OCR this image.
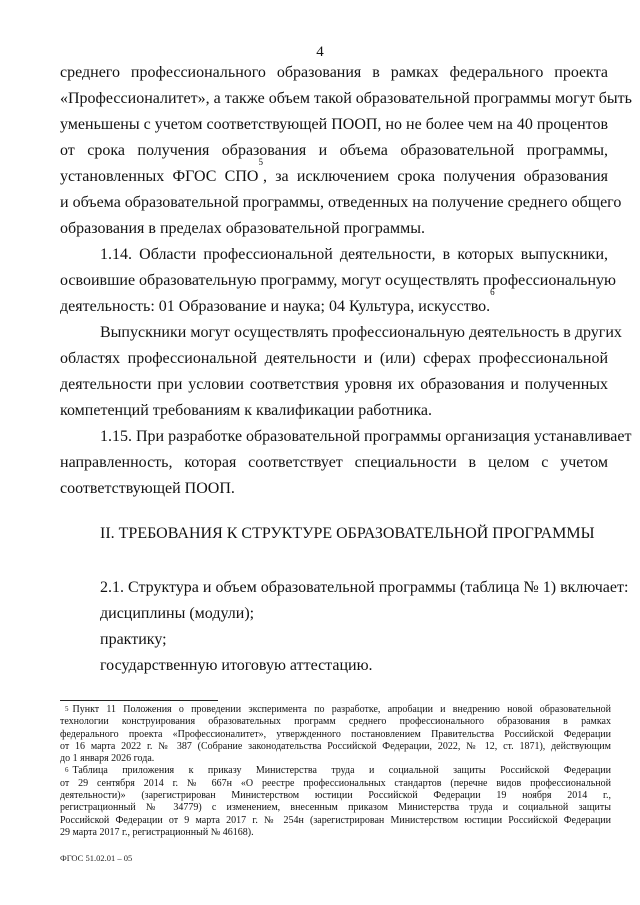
4
среднего профессионального образования в рамках федерального проекта
«Профессионалитет», а также объем такой образовательной программы могут быть
уменьшены с учетом соответствующей ПООП, но не более чем на 40 процентов
от срока получения образования и объема образовательной программы,
установленных ФГОС СПО$^5$, за исключением срока получения образования
и объема образовательной программы, отведенных на получение среднего общего
образования в пределах образовательной программы.
1.14. Области профессиональной деятельности, в которых выпускники,
освоившие образовательную программу, могут осуществлять профессиональную
деятельность: 01 Образование и наука; 04 Культура, искусство.$^6$
Выпускники могут осуществлять профессиональную деятельность в других
областях профессиональной деятельности и (или) сферах профессиональной
деятельности при условии соответствия уровня их образования и полученных
компетенций требованиям к квалификации работника.
1.15. При разработке образовательной программы организация устанавливает
направленность, которая соответствует специальности в целом с учетом
соответствующей ПООП.
II. ТРЕБОВАНИЯ К СТРУКТУРЕ ОБРАЗОВАТЕЛЬНОЙ ПРОГРАММЫ
2.1. Структура и объем образовательной программы (таблица № 1) включает:
дисциплины (модули);
практику;
государственную итоговую аттестацию.
$^5$ Пункт 11 Положения о проведении эксперимента по разработке, апробации и внедрению новой образовательной
технологии конструирования образовательных программ среднего профессионального образования в рамках
федерального проекта «Профессионалитет», утвержденного постановлением Правительства Российской Федерации
от 16 марта 2022 г. № 387 (Собрание законодательства Российской Федерации, 2022, № 12, ст. 1871), действующим
до 1 января 2026 года.
$^6$ Таблица приложения к приказу Министерства труда и социальной защиты Российской Федерации
от 29 сентября 2014 г. № 667н «О реестре профессиональных стандартов (перечне видов профессиональной
деятельности)» (зарегистрирован Министерством юстиции Российской Федерации 19 ноября 2014 г.,
регистрационный № 34779) с изменением, внесенным приказом Министерства труда и социальной защиты
Российской Федерации от 9 марта 2017 г. № 254н (зарегистрирован Министерством юстиции Российской Федерации
29 марта 2017 г., регистрационный № 46168).
ФГОС 51.02.01 – 05
